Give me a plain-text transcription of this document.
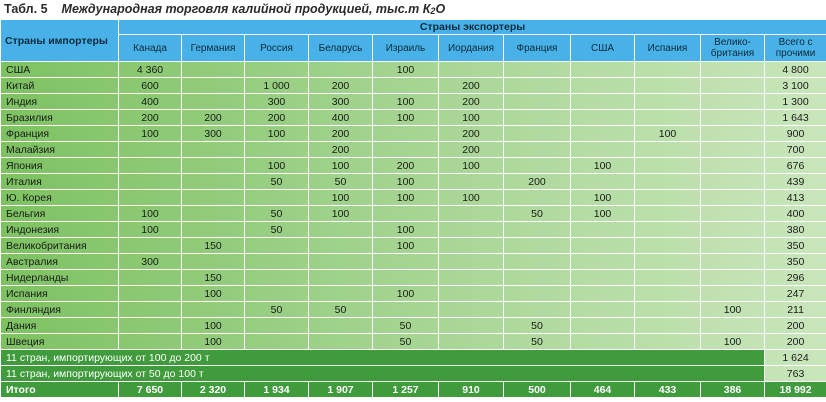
Табл. 5 Международная торговля калийной продукцией, тыс.т $К_2О$
Страны импортеры	Страны экспортеры										
	Канада	Германия	Россия	Беларусь	Израиль	Иордания	Франция	США	Испания	Велико- британия	Всего с прочими
США	4 360				100						4 800
Китай	600		1 000	200		200					3 100
Индия	400		300	300	100	200					1 300
Бразилия	200	200	200	400	100	100					1 643
Франция	100	300	100	200		200			100		900
Малайзия				200		200					700
Япония			100	100	200	100		100			676
Италия			50	50	100		200				439
Ю. Корея				100	100	100		100			413
Бельгия	100		50	100			50	100			400
Индонезия	100		50		100						380
Великобритания		150			100						350
Австралия	300										350
Нидерланды		150									296
Испания		100			100						247
Финляндия			50	50						100	211
Дания		100			50		50				200
Швеция		100			50		50			100	200
11 стран, импортирующих от 100 до 200 т											1 624
11 стран, импортирующих от 50 до 100 т											763
Итого	7 650	2 320	1 934	1 907	1 257	910	500	464	433	386	18 992
